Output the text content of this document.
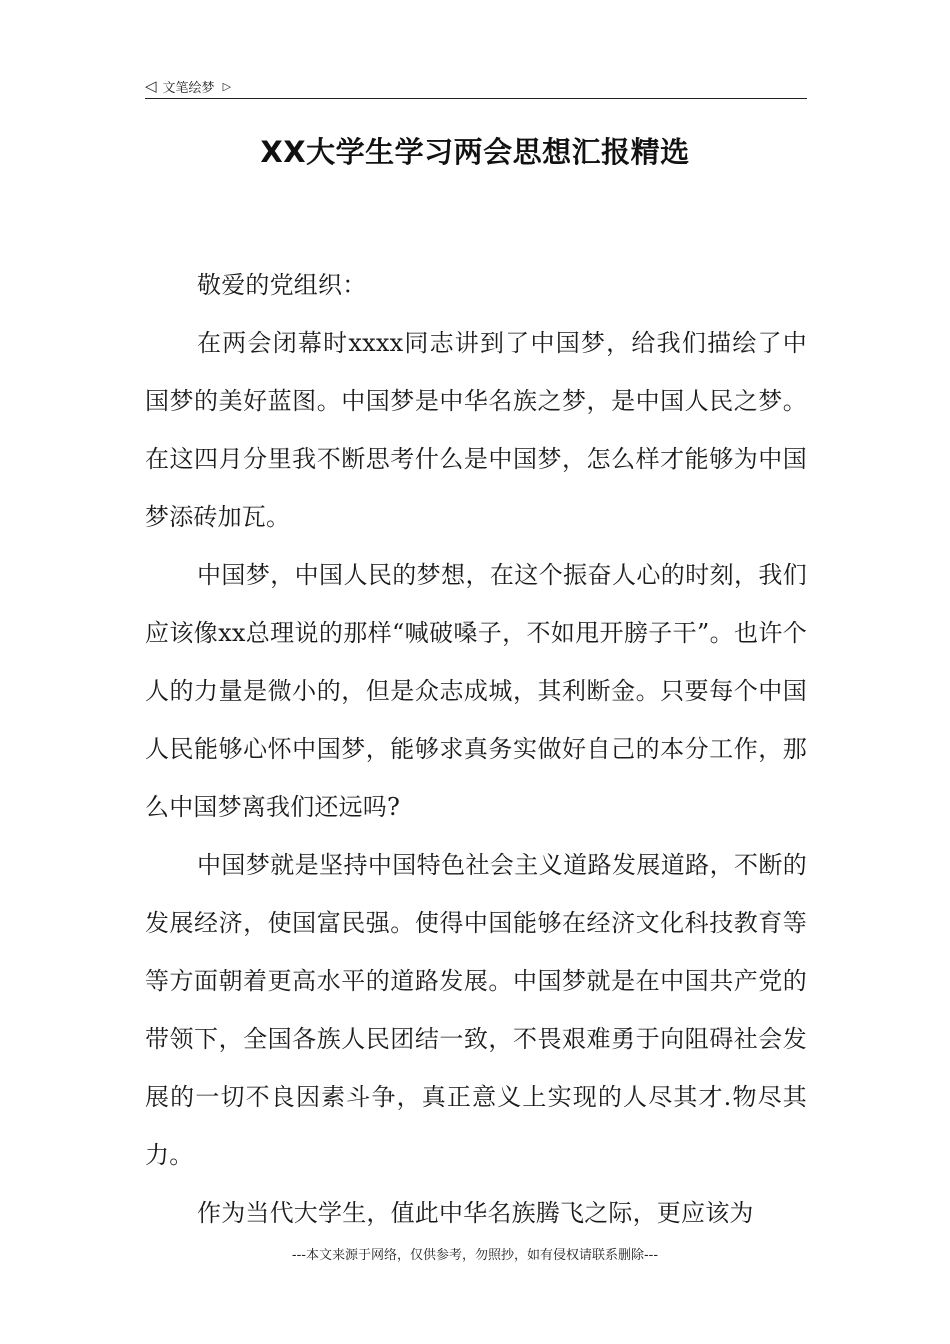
◁ 文笔绘梦 ▷
XX大学生学习两会思想汇报精选

敬爱的党组织：

在两会闭幕时xxxx同志讲到了中国梦，给我们描绘了中国梦的美好蓝图。中国梦是中华名族之梦，是中国人民之梦。在这四月分里我不断思考什么是中国梦，怎么样才能够为中国梦添砖加瓦。

中国梦，中国人民的梦想，在这个振奋人心的时刻，我们应该像xx总理说的那样“喊破嗓子，不如甩开膀子干”。也许个人的力量是微小的，但是众志成城，其利断金。只要每个中国人民能够心怀中国梦，能够求真务实做好自己的本分工作，那么中国梦离我们还远吗?

中国梦就是坚持中国特色社会主义道路发展道路，不断的发展经济，使国富民强。使得中国能够在经济文化科技教育等等方面朝着更高水平的道路发展。中国梦就是在中国共产党的带领下，全国各族人民团结一致，不畏艰难勇于向阻碍社会发展的一切不良因素斗争，真正意义上实现的人尽其才.物尽其力。

作为当代大学生，值此中华名族腾飞之际，更应该为

---本文来源于网络，仅供参考，勿照抄，如有侵权请联系删除---
